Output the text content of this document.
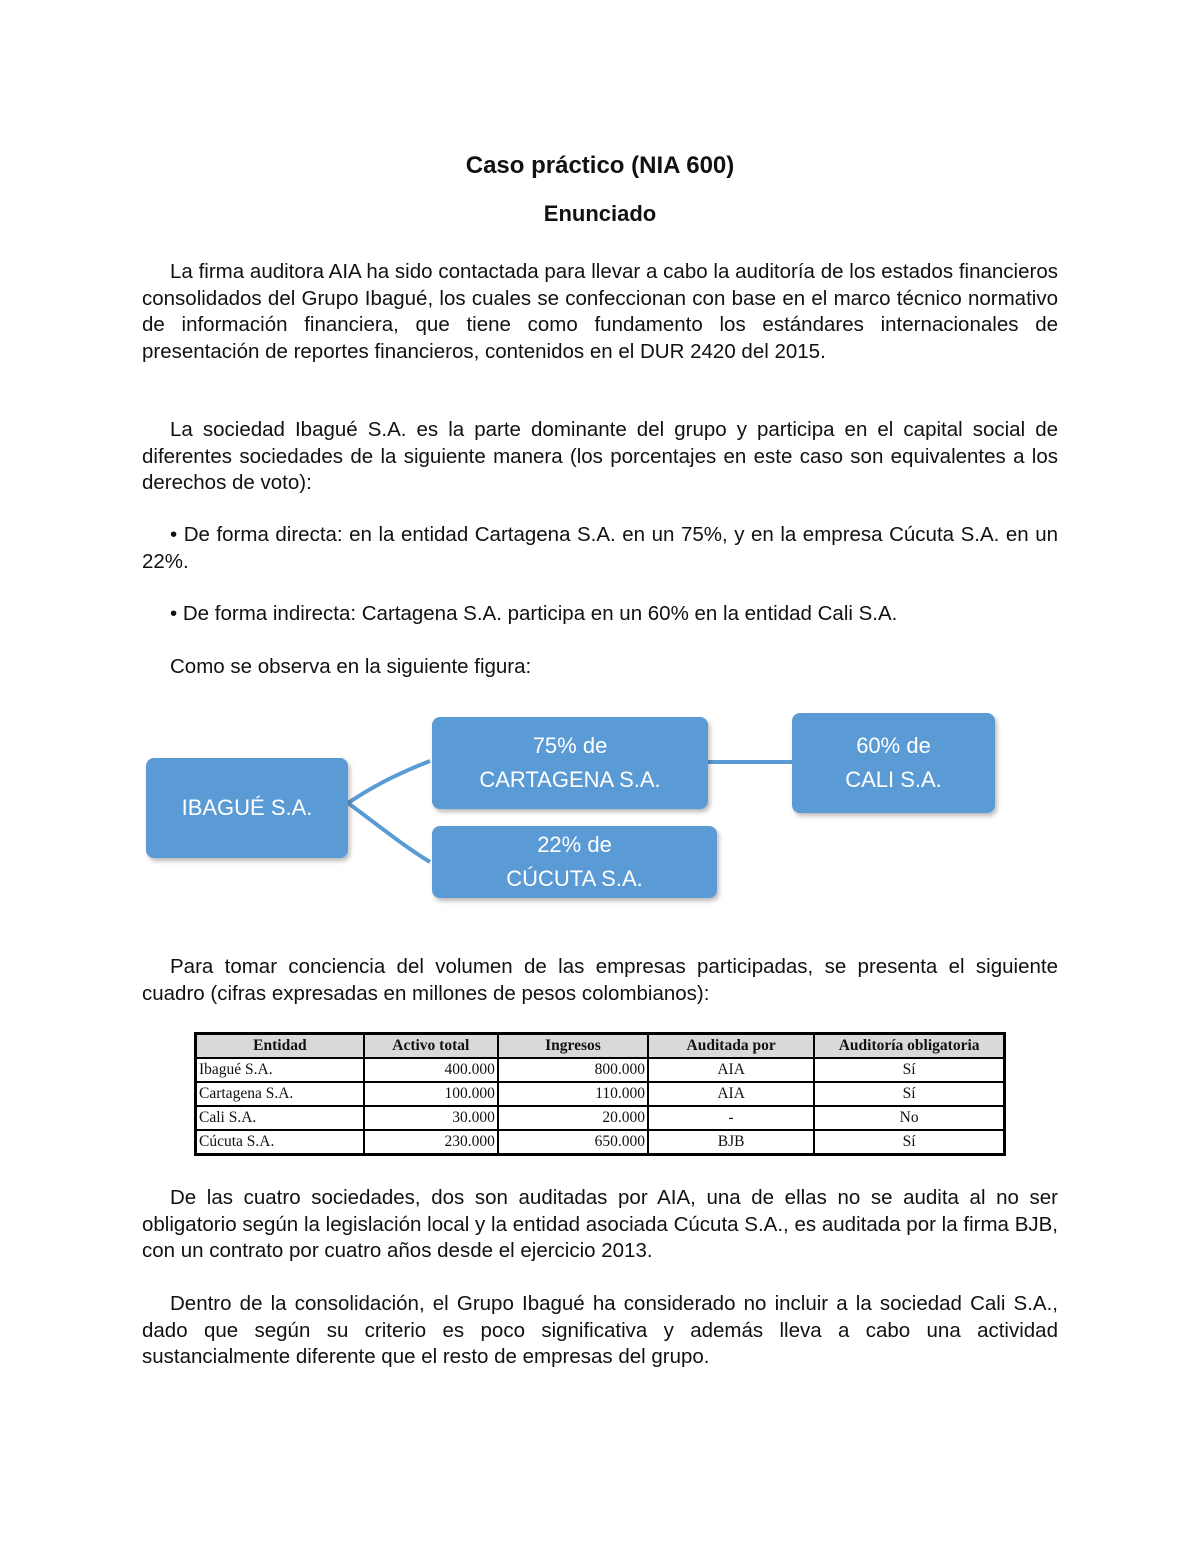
Caso práctico (NIA 600)
Enunciado

La firma auditora AIA ha sido contactada para llevar a cabo la auditoría de los estados financieros consolidados del Grupo Ibagué, los cuales se confeccionan con base en el marco técnico normativo de información financiera, que tiene como fundamento los estándares internacionales de presentación de reportes financieros, contenidos en el DUR 2420 del 2015.

La sociedad Ibagué S.A. es la parte dominante del grupo y participa en el capital social de diferentes sociedades de la siguiente manera (los porcentajes en este caso son equivalentes a los derechos de voto):

• De forma directa: en la entidad Cartagena S.A. en un 75%, y en la empresa Cúcuta S.A. en un 22%.

• De forma indirecta: Cartagena S.A. participa en un 60% en la entidad Cali S.A.

Como se observa en la siguiente figura:

IBAGUÉ S.A.
75% de
CARTAGENA S.A.
60% de
CALI S.A.
22% de
CÚCUTA S.A.

Para tomar conciencia del volumen de las empresas participadas, se presenta el siguiente cuadro (cifras expresadas en millones de pesos colombianos):

Entidad	Activo total	Ingresos	Auditada por	Auditoría obligatoria
Ibagué S.A.	400.000	800.000	AIA	Sí
Cartagena S.A.	100.000	110.000	AIA	Sí
Cali S.A.	30.000	20.000	-	No
Cúcuta S.A.	230.000	650.000	BJB	Sí

De las cuatro sociedades, dos son auditadas por AIA, una de ellas no se audita al no ser obligatorio según la legislación local y la entidad asociada Cúcuta S.A., es auditada por la firma BJB, con un contrato por cuatro años desde el ejercicio 2013.

Dentro de la consolidación, el Grupo Ibagué ha considerado no incluir a la sociedad Cali S.A., dado que según su criterio es poco significativa y además lleva a cabo una actividad sustancialmente diferente que el resto de empresas del grupo.
